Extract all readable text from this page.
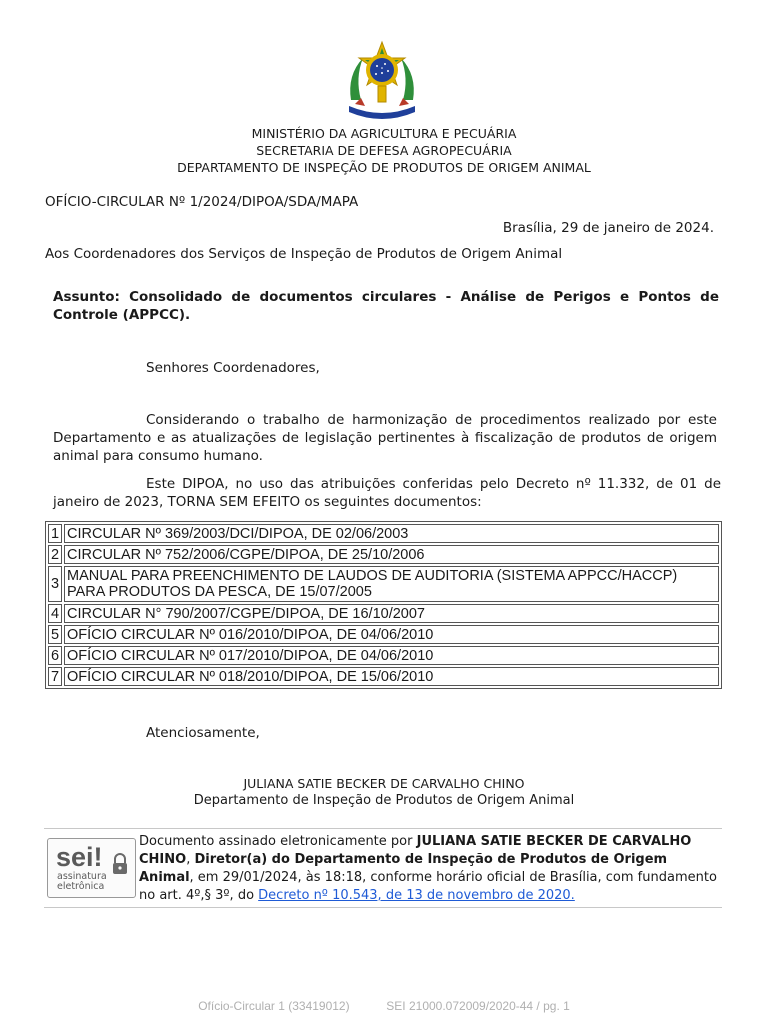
MINISTÉRIO DA AGRICULTURA E PECUÁRIA
SECRETARIA DE DEFESA AGROPECUÁRIA
DEPARTAMENTO DE INSPEÇÃO DE PRODUTOS DE ORIGEM ANIMAL
OFÍCIO-CIRCULAR Nº 1/2024/DIPOA/SDA/MAPA
Brasília, 29 de janeiro de 2024.
Aos Coordenadores dos Serviços de Inspeção de Produtos de Origem Animal
Assunto: Consolidado de documentos circulares - Análise de Perigos e Pontos de Controle (APPCC).
Senhores Coordenadores,
Considerando o trabalho de harmonização de procedimentos realizado por este Departamento e as atualizações de legislação pertinentes à fiscalização de produtos de origem animal para consumo humano.
Este DIPOA, no uso das atribuições conferidas pelo Decreto nº 11.332, de 01 de janeiro de 2023, TORNA SEM EFEITO os seguintes documentos:
1	CIRCULAR Nº 369/2003/DCI/DIPOA, DE 02/06/2003
2	CIRCULAR Nº 752/2006/CGPE/DIPOA, DE 25/10/2006
3	MANUAL PARA PREENCHIMENTO DE LAUDOS DE AUDITORIA (SISTEMA APPCC/HACCP) PARA PRODUTOS DA PESCA, DE 15/07/2005
4	CIRCULAR N° 790/2007/CGPE/DIPOA, DE 16/10/2007
5	OFÍCIO CIRCULAR Nº 016/2010/DIPOA, DE 04/06/2010
6	OFÍCIO CIRCULAR Nº 017/2010/DIPOA, DE 04/06/2010
7	OFÍCIO CIRCULAR Nº 018/2010/DIPOA, DE 15/06/2010
Atenciosamente,
JULIANA SATIE BECKER DE CARVALHO CHINO
Departamento de Inspeção de Produtos de Origem Animal
sei!
assinatura
eletrônica
Documento assinado eletronicamente por JULIANA SATIE BECKER DE CARVALHO CHINO, Diretor(a) do Departamento de Inspeção de Produtos de Origem Animal, em 29/01/2024, às 18:18, conforme horário oficial de Brasília, com fundamento no art. 4º,§ 3º, do Decreto nº 10.543, de 13 de novembro de 2020.
Ofício-Circular 1 (33419012)	SEI 21000.072009/2020-44 / pg. 1
